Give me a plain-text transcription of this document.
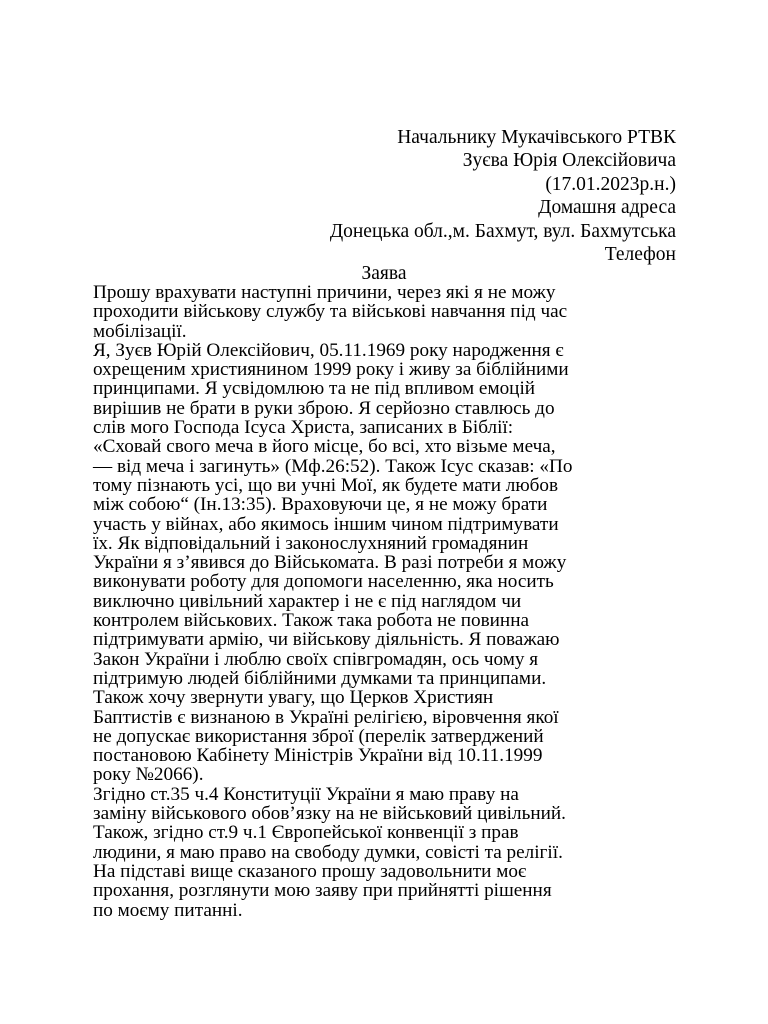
Начальнику Мукачівського РТВК
Зуєва Юрія Олексійовича
(17.01.2023р.н.)
Домашня адреса
Донецька обл.,м. Бахмут, вул. Бахмутська
Телефон
Заява
Прошу врахувати наступні причини, через які я не можу
проходити військову службу та військові навчання під час
мобілізації.
Я, Зуєв Юрій Олексійович, 05.11.1969 року народження є
охрещеним християнином 1999 року і живу за біблійними
принципами. Я усвідомлюю та не під впливом емоцій
вирішив не брати в руки зброю. Я серйозно ставлюсь до
слів мого Господа Ісуса Христа, записаних в Біблії:
«Сховай свого меча в його місце, бо всі, хто візьме меча,
— від меча і загинуть» (Мф.26:52). Також Ісус сказав: «По
тому пізнають усі, що ви учні Мої, як будете мати любов
між собою“ (Ін.13:35). Враховуючи це, я не можу брати
участь у війнах, або якимось іншим чином підтримувати
їх. Як відповідальний і законослухняний громадянин
України я з’явився до Військомата. В разі потреби я можу
виконувати роботу для допомоги населенню, яка носить
виключно цивільний характер і не є під наглядом чи
контролем військових. Також така робота не повинна
підтримувати армію, чи військову діяльність. Я поважаю
Закон України і люблю своїх співгромадян, ось чому я
підтримую людей біблійними думками та принципами.
Також хочу звернути увагу, що Церков Християн
Баптистів є визнаною в Україні релігією, віровчення якої
не допускає використання зброї (перелік затверджений
постановою Кабінету Міністрів України від 10.11.1999
року №2066).
Згідно ст.35 ч.4 Конституції України я маю праву на
заміну військового обов’язку на не військовий цивільний.
Також, згідно ст.9 ч.1 Європейської конвенції з прав
людини, я маю право на свободу думки, совісті та релігії.
На підставі вище сказаного прошу задовольнити моє
прохання, розглянути мою заяву при прийнятті рішення
по моєму питанні.
